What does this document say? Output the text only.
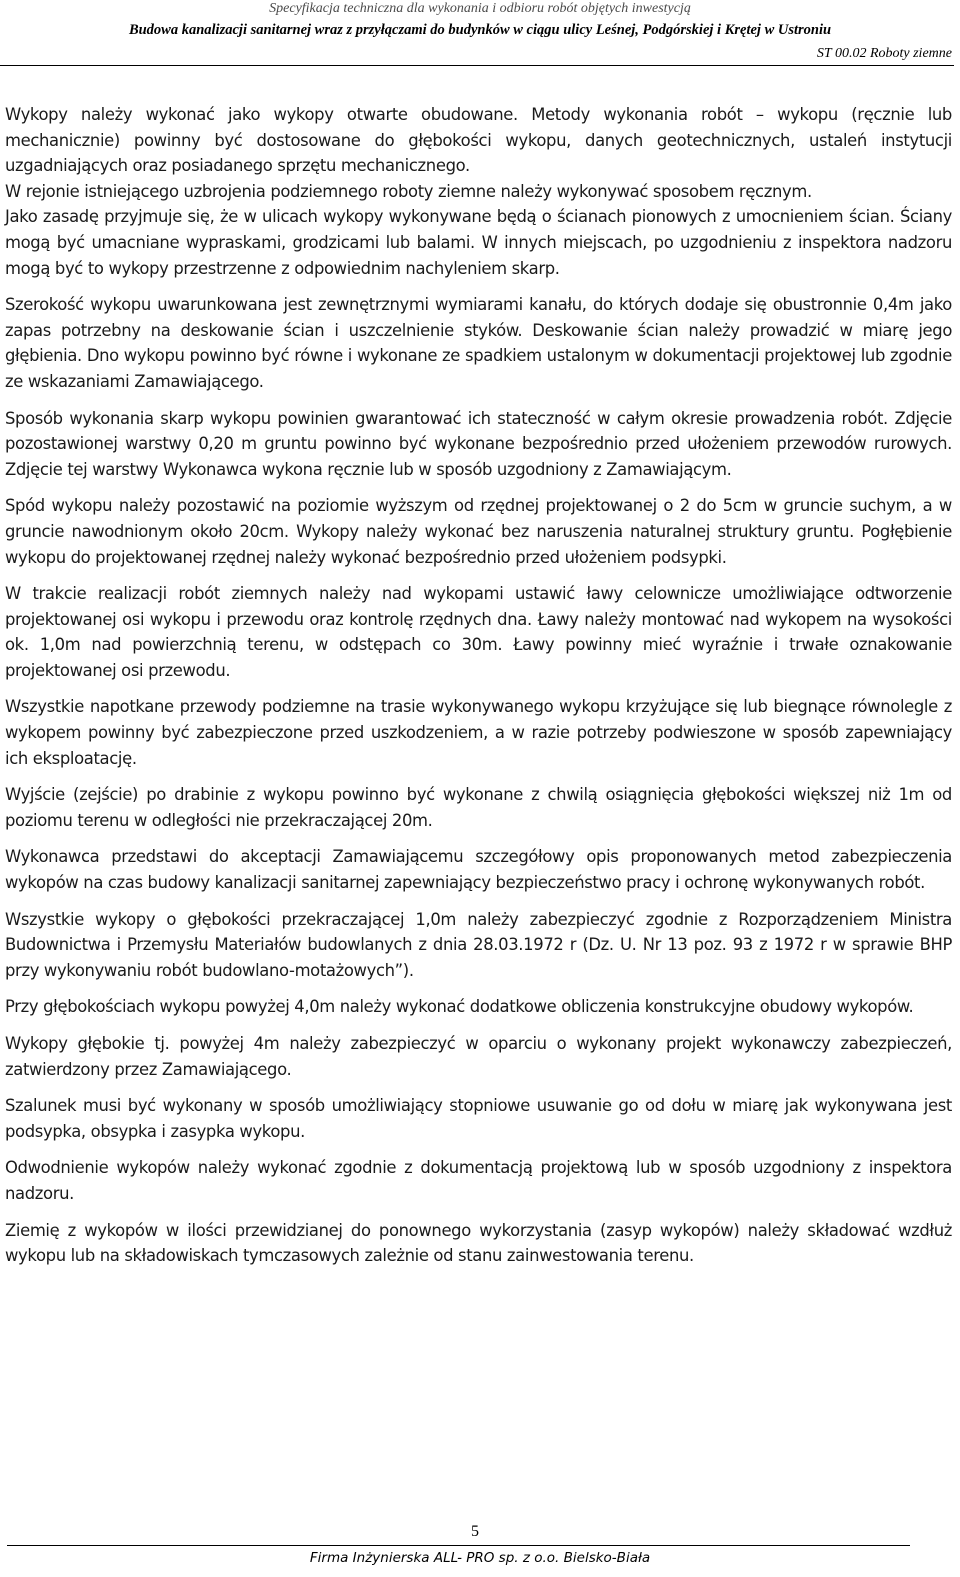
Specyfikacja techniczna dla wykonania i odbioru robót objętych inwestycją
Budowa kanalizacji sanitarnej wraz z przyłączami do budynków w ciągu ulicy Leśnej, Podgórskiej i Krętej w Ustroniu
ST 00.02 Roboty ziemne

Wykopy należy wykonać jako wykopy otwarte obudowane. Metody wykonania robót – wykopu (ręcznie lub mechanicznie) powinny być dostosowane do głębokości wykopu, danych geotechnicznych, ustaleń instytucji uzgadniających oraz posiadanego sprzętu mechanicznego.

W rejonie istniejącego uzbrojenia podziemnego roboty ziemne należy wykonywać sposobem ręcznym.

Jako zasadę przyjmuje się, że w ulicach wykopy wykonywane będą o ścianach pionowych z umocnieniem ścian. Ściany mogą być umacniane wypraskami, grodzicami lub balami. W innych miejscach, po uzgodnieniu z inspektora nadzoru mogą być to wykopy przestrzenne z odpowiednim nachyleniem skarp.

Szerokość wykopu uwarunkowana jest zewnętrznymi wymiarami kanału, do których dodaje się obustronnie 0,4m jako zapas potrzebny na deskowanie ścian i uszczelnienie styków. Deskowanie ścian należy prowadzić w miarę jego głębienia. Dno wykopu powinno być równe i wykonane ze spadkiem ustalonym w dokumentacji projektowej lub zgodnie ze wskazaniami Zamawiającego.

Sposób wykonania skarp wykopu powinien gwarantować ich stateczność w całym okresie prowadzenia robót. Zdjęcie pozostawionej warstwy 0,20 m gruntu powinno być wykonane bezpośrednio przed ułożeniem przewodów rurowych. Zdjęcie tej warstwy Wykonawca wykona ręcznie lub w sposób uzgodniony z Zamawiającym.

Spód wykopu należy pozostawić na poziomie wyższym od rzędnej projektowanej o 2 do 5cm w gruncie suchym, a w gruncie nawodnionym około 20cm. Wykopy należy wykonać bez naruszenia naturalnej struktury gruntu. Pogłębienie wykopu do projektowanej rzędnej należy wykonać bezpośrednio przed ułożeniem podsypki.

W trakcie realizacji robót ziemnych należy nad wykopami ustawić ławy celownicze umożliwiające odtworzenie projektowanej osi wykopu i przewodu oraz kontrolę rzędnych dna. Ławy należy montować nad wykopem na wysokości ok. 1,0m nad powierzchnią terenu, w odstępach co 30m. Ławy powinny mieć wyraźnie i trwałe oznakowanie projektowanej osi przewodu.

Wszystkie napotkane przewody podziemne na trasie wykonywanego wykopu krzyżujące się lub biegnące równolegle z wykopem powinny być zabezpieczone przed uszkodzeniem, a w razie potrzeby podwieszone w sposób zapewniający ich eksploatację.

Wyjście (zejście) po drabinie z wykopu powinno być wykonane z chwilą osiągnięcia głębokości większej niż 1m od poziomu terenu w odległości nie przekraczającej 20m.

Wykonawca przedstawi do akceptacji Zamawiającemu szczegółowy opis proponowanych metod zabezpieczenia wykopów na czas budowy kanalizacji sanitarnej zapewniający bezpieczeństwo pracy i ochronę wykonywanych robót.

Wszystkie wykopy o głębokości przekraczającej 1,0m należy zabezpieczyć zgodnie z Rozporządzeniem Ministra Budownictwa i Przemysłu Materiałów budowlanych z dnia 28.03.1972 r (Dz. U. Nr 13 poz. 93 z 1972 r w sprawie BHP przy wykonywaniu robót budowlano-motażowych”).

Przy głębokościach wykopu powyżej 4,0m należy wykonać dodatkowe obliczenia konstrukcyjne obudowy wykopów.

Wykopy głębokie tj. powyżej 4m należy zabezpieczyć w oparciu o wykonany projekt wykonawczy zabezpieczeń, zatwierdzony przez Zamawiającego.

Szalunek musi być wykonany w sposób umożliwiający stopniowe usuwanie go od dołu w miarę jak wykonywana jest podsypka, obsypka i zasypka wykopu.

Odwodnienie wykopów należy wykonać zgodnie z dokumentacją projektową lub w sposób uzgodniony z inspektora nadzoru.

Ziemię z wykopów w ilości przewidzianej do ponownego wykorzystania (zasyp wykopów) należy składować wzdłuż wykopu lub na składowiskach tymczasowych zależnie od stanu zainwestowania terenu.

5
Firma Inżynierska ALL- PRO sp. z o.o. Bielsko-Biała
